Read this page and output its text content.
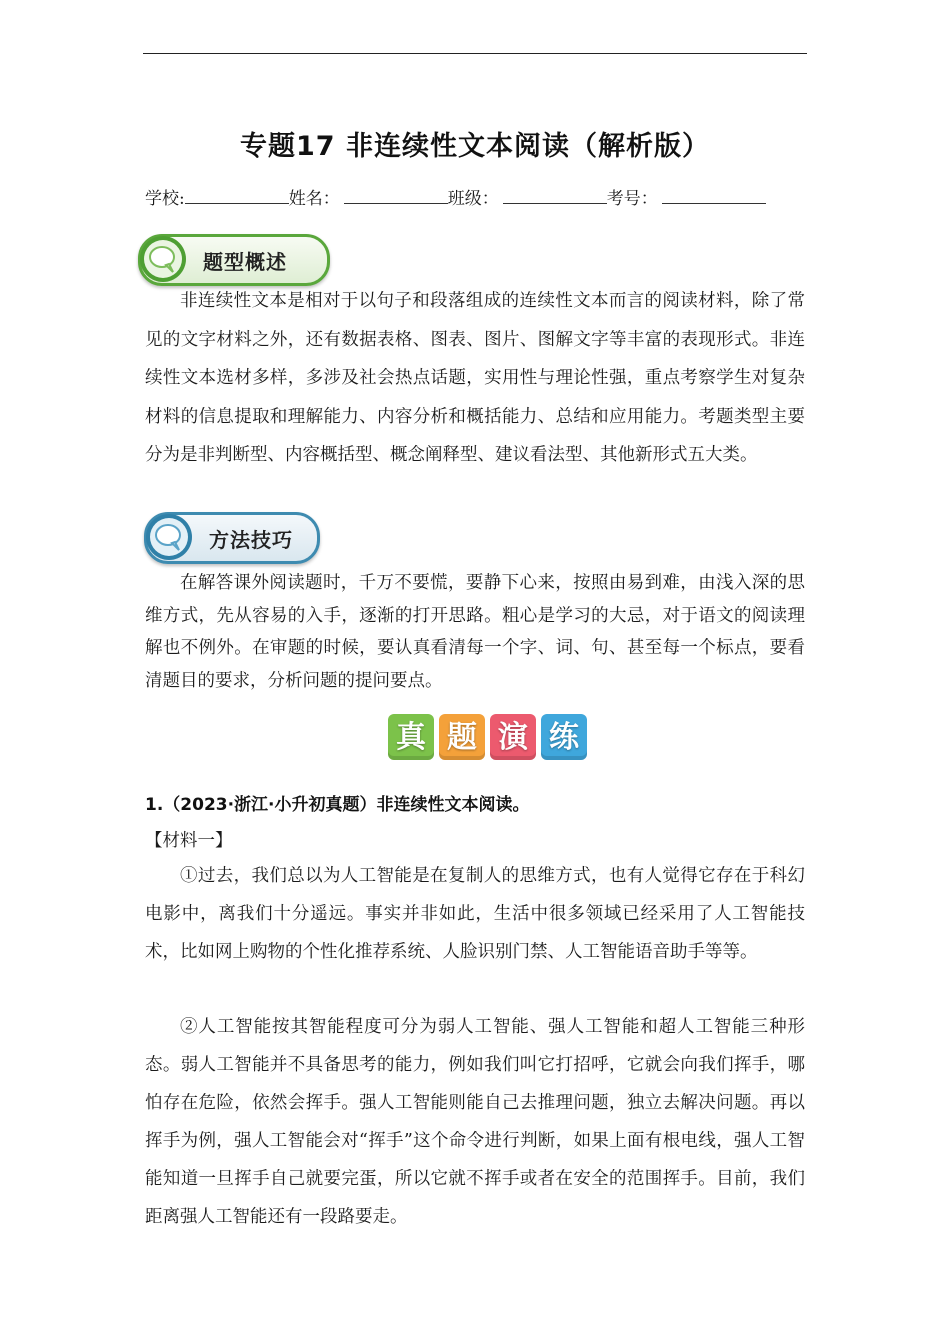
专题17 非连续性文本阅读（解析版）
学校:	姓名：	班级：	考号：
题型概述

非连续性文本是相对于以句子和段落组成的连续性文本而言的阅读材料，除了常见的文字材料之外，还有数据表格、图表、图片、图解文字等丰富的表现形式。非连续性文本选材多样，多涉及社会热点话题，实用性与理论性强，重点考察学生对复杂材料的信息提取和理解能力、内容分析和概括能力、总结和应用能力。考题类型主要分为是非判断型、内容概括型、概念阐释型、建议看法型、其他新形式五大类。

方法技巧

在解答课外阅读题时，千万不要慌，要静下心来，按照由易到难，由浅入深的思维方式，先从容易的入手，逐渐的打开思路。粗心是学习的大忌，对于语文的阅读理解也不例外。在审题的时候，要认真看清每一个字、词、句、甚至每一个标点，要看清题目的要求，分析问题的提问要点。

真 题 演 练
1.（2023·浙江·小升初真题）非连续性文本阅读。
【材料一】

①过去，我们总以为人工智能是在复制人的思维方式，也有人觉得它存在于科幻电影中，离我们十分遥远。事实并非如此，生活中很多领域已经采用了人工智能技术，比如网上购物的个性化推荐系统、人脸识别门禁、人工智能语音助手等等。

②人工智能按其智能程度可分为弱人工智能、强人工智能和超人工智能三种形态。弱人工智能并不具备思考的能力，例如我们叫它打招呼，它就会向我们挥手，哪怕存在危险，依然会挥手。强人工智能则能自己去推理问题，独立去解决问题。再以挥手为例，强人工智能会对“挥手”这个命令进行判断，如果上面有根电线，强人工智能知道一旦挥手自己就要完蛋，所以它就不挥手或者在安全的范围挥手。目前，我们距离强人工智能还有一段路要走。
